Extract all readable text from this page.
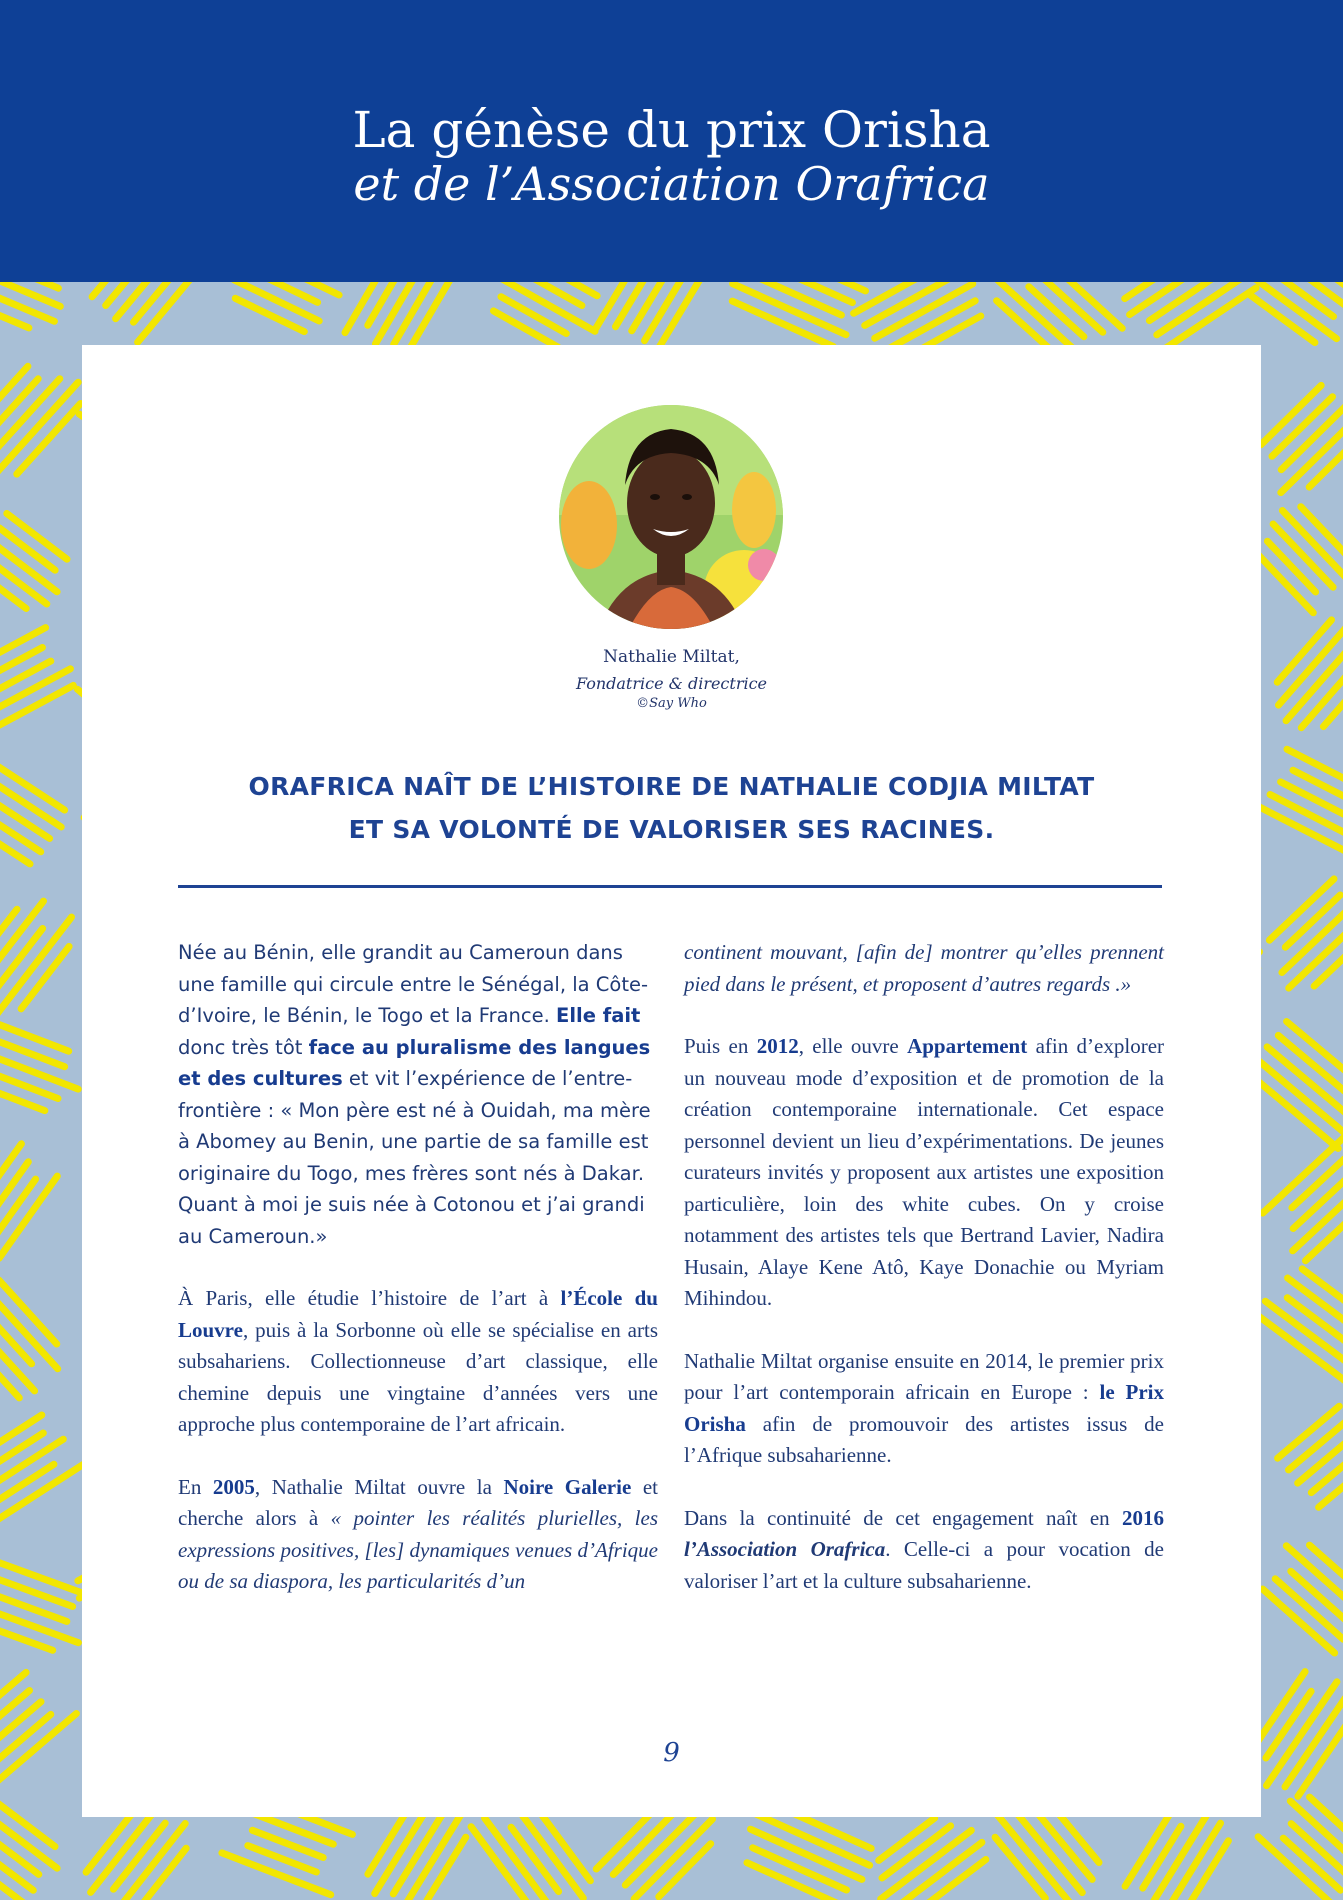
La génèse du prix Orisha
et de l’Association Orafrica
Nathalie Miltat,
Fondatrice & directrice
©Say Who
ORAFRICA NAÎT DE L’HISTOIRE DE NATHALIE CODJIA MILTAT
ET SA VOLONTÉ DE VALORISER SES RACINES.

Née au Bénin, elle grandit au Cameroun dans une famille qui circule entre le Sénégal, la Côte-d’Ivoire, le Bénin, le Togo et la France. Elle fait donc très tôt face au pluralisme des langues et des cultures et vit l’expérience de l’entre-frontière : « Mon père est né à Ouidah, ma mère à Abomey au Benin, une partie de sa famille est originaire du Togo, mes frères sont nés à Dakar. Quant à moi je suis née à Cotonou et j’ai grandi au Cameroun.»

À Paris, elle étudie l’histoire de l’art à l’École du Louvre, puis à la Sorbonne où elle se spécialise en arts subsahariens. Collectionneuse d’art classique, elle chemine depuis une vingtaine d’années vers une approche plus contemporaine de l’art africain.

En 2005, Nathalie Miltat ouvre la Noire Galerie et cherche alors à « pointer les réalités plurielles, les expressions positives, [les] dynamiques venues d’Afrique ou de sa diaspora, les particularités d’un

continent mouvant, [afin de] montrer qu’elles prennent pied dans le présent, et proposent d’autres regards .»

Puis en 2012, elle ouvre Appartement afin d’explorer un nouveau mode d’exposition et de promotion de la création contemporaine internationale. Cet espace personnel devient un lieu d’expérimentations. De jeunes curateurs invités y proposent aux artistes une exposition particulière, loin des white cubes. On y croise notamment des artistes tels que Bertrand Lavier, Nadira Husain, Alaye Kene Atô, Kaye Donachie ou Myriam Mihindou.

Nathalie Miltat organise ensuite en 2014, le premier prix pour l’art contemporain africain en Europe : le Prix Orisha afin de promouvoir des artistes issus de l’Afrique subsaharienne.

Dans la continuité de cet engagement naît en 2016 l’Association Orafrica. Celle-ci a pour vocation de valoriser l’art et la culture subsaharienne.

9
